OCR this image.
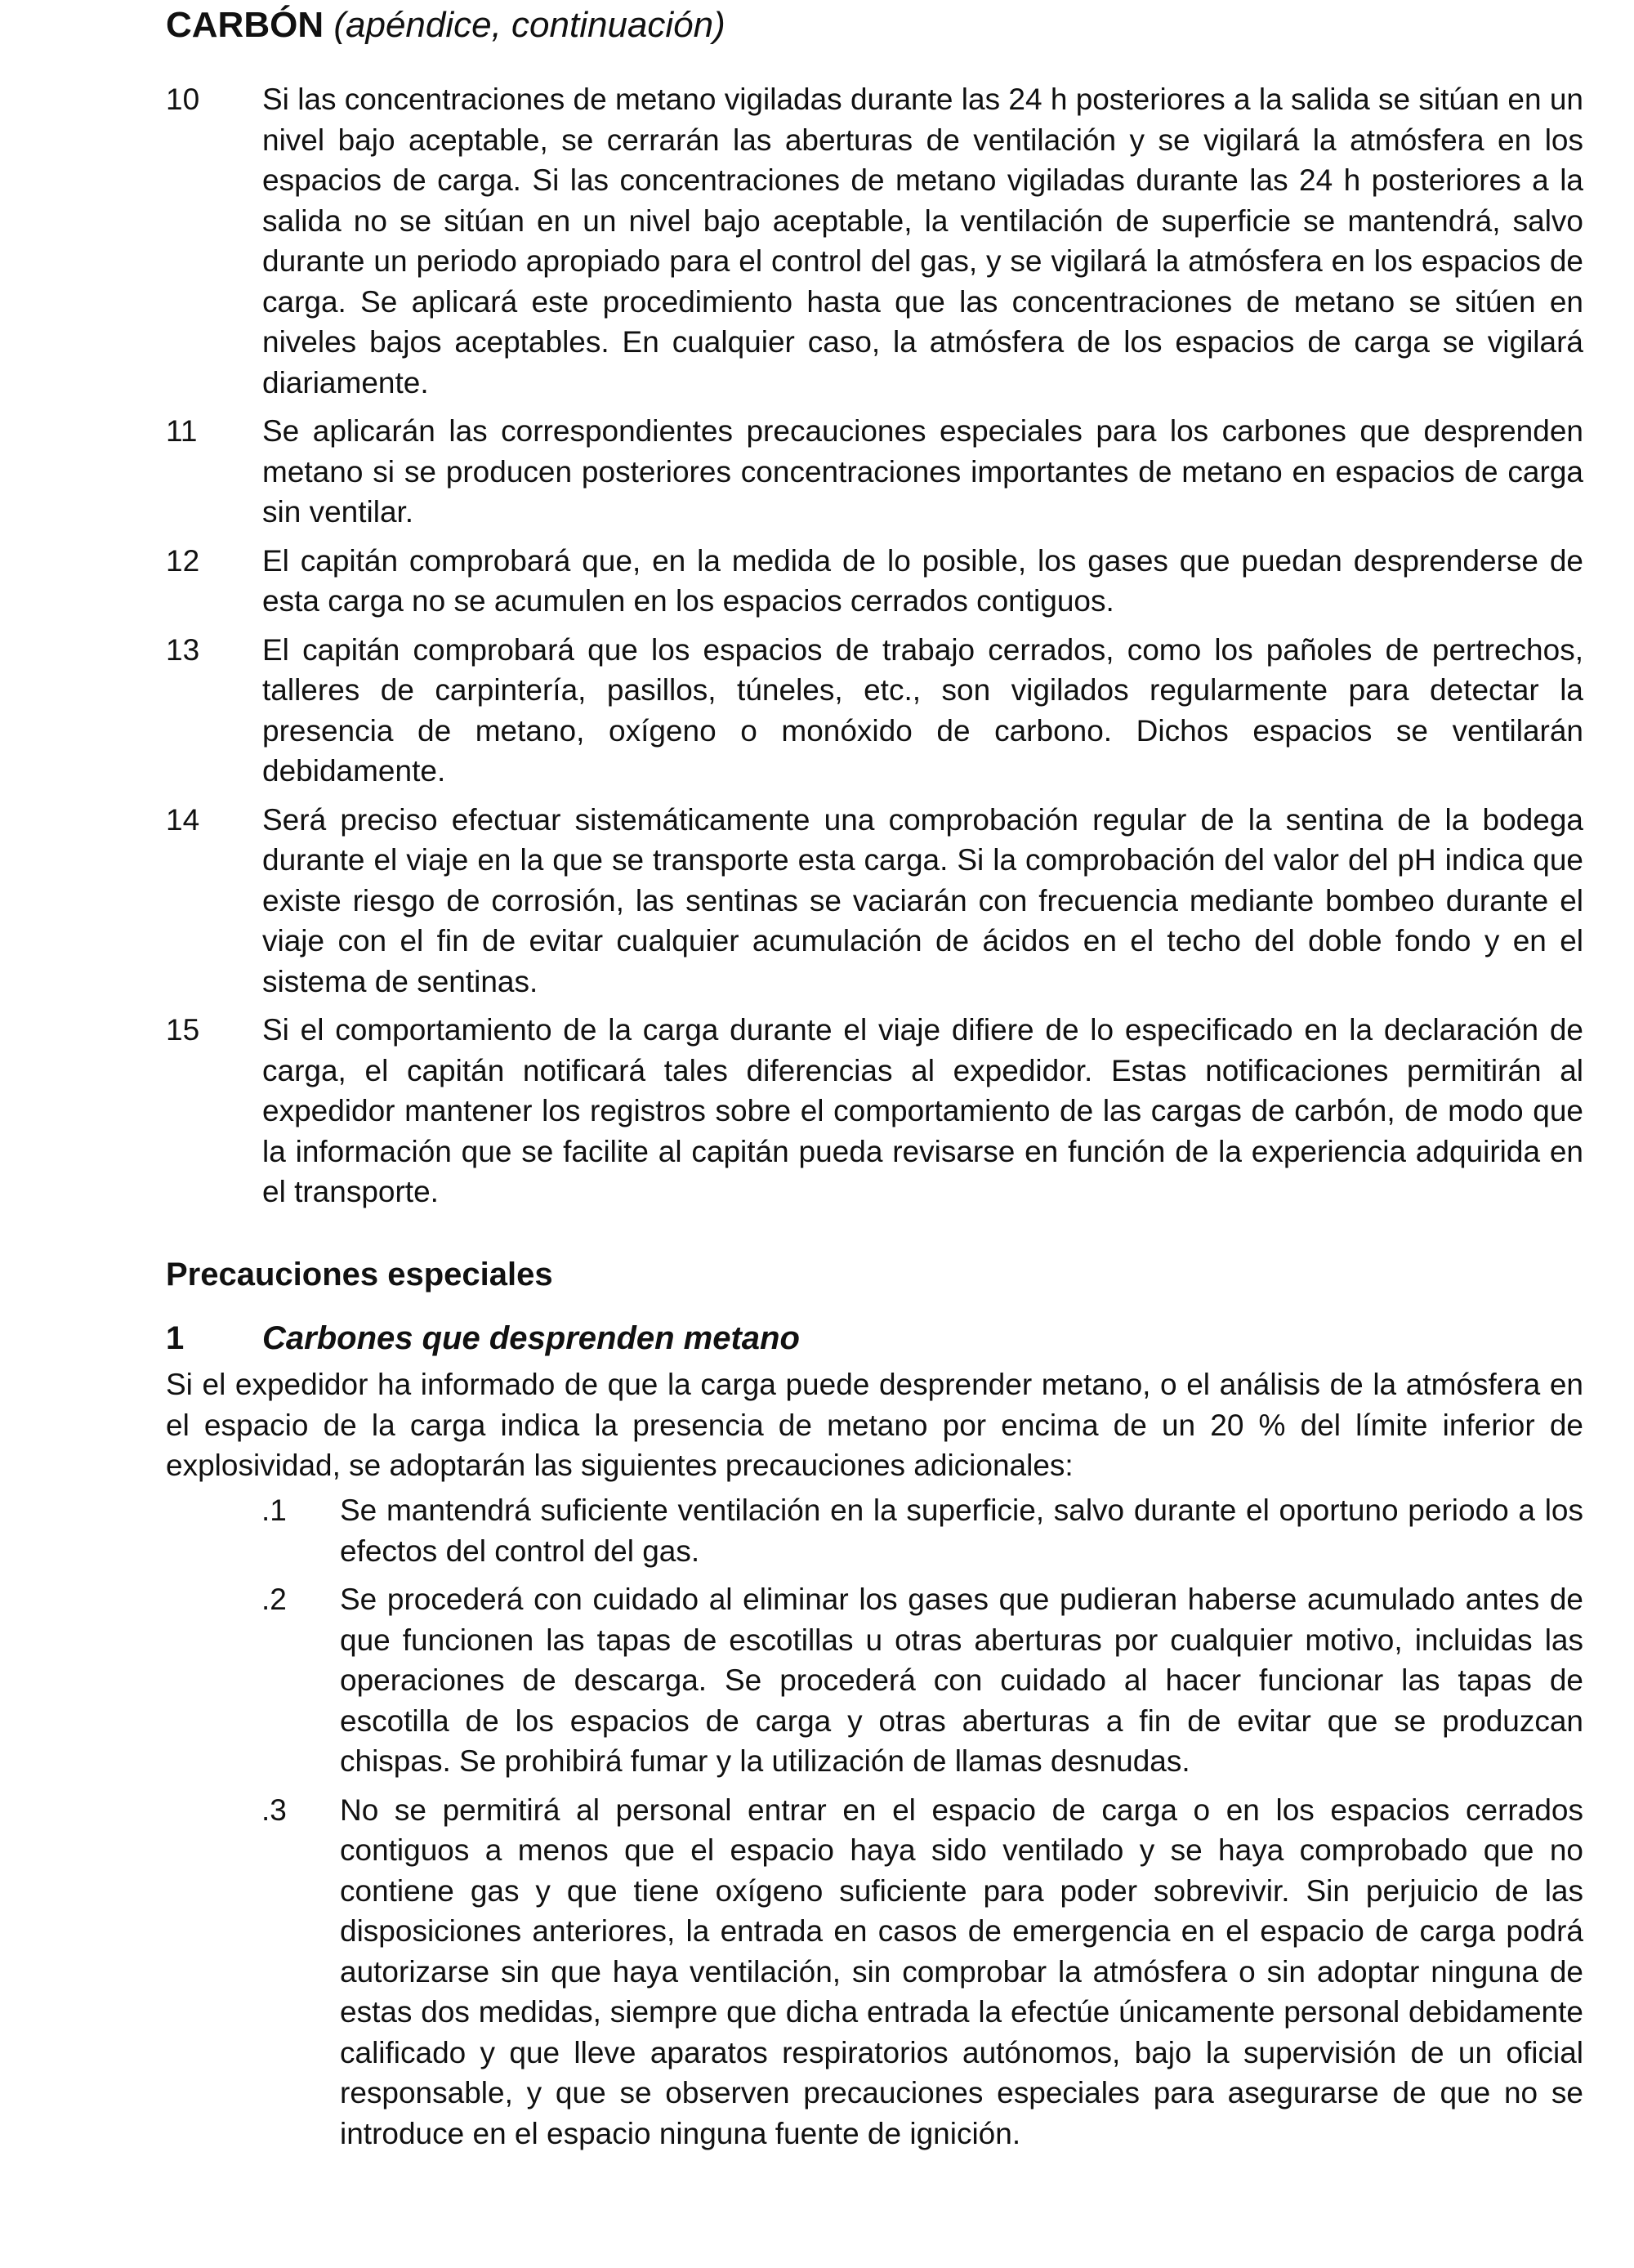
CARBÓN (apéndice, continuación)
10 Si las concentraciones de metano vigiladas durante las 24 h posteriores a la salida se sitúan en un nivel bajo aceptable, se cerrarán las aberturas de ventilación y se vigilará la atmósfera en los espacios de carga. Si las concentraciones de metano vigiladas durante las 24 h posteriores a la salida no se sitúan en un nivel bajo aceptable, la ventilación de superficie se mantendrá, salvo durante un periodo apropiado para el control del gas, y se vigilará la atmósfera en los espacios de carga. Se aplicará este procedimiento hasta que las concentraciones de metano se sitúen en niveles bajos aceptables. En cualquier caso, la atmósfera de los espacios de carga se vigilará diariamente.
11 Se aplicarán las correspondientes precauciones especiales para los carbones que desprenden metano si se producen posteriores concentraciones importantes de metano en espacios de carga sin ventilar.
12 El capitán comprobará que, en la medida de lo posible, los gases que puedan desprenderse de esta carga no se acumulen en los espacios cerrados contiguos.
13 El capitán comprobará que los espacios de trabajo cerrados, como los pañoles de pertrechos, talleres de carpintería, pasillos, túneles, etc., son vigilados regularmente para detectar la presencia de metano, oxígeno o monóxido de carbono. Dichos espacios se ventilarán debidamente.
14 Será preciso efectuar sistemáticamente una comprobación regular de la sentina de la bodega durante el viaje en la que se transporte esta carga. Si la comprobación del valor del pH indica que existe riesgo de corrosión, las sentinas se vaciarán con frecuencia mediante bombeo durante el viaje con el fin de evitar cualquier acumulación de ácidos en el techo del doble fondo y en el sistema de sentinas.
15 Si el comportamiento de la carga durante el viaje difiere de lo especificado en la declaración de carga, el capitán notificará tales diferencias al expedidor. Estas notificaciones permitirán al expedidor mantener los registros sobre el comportamiento de las cargas de carbón, de modo que la información que se facilite al capitán pueda revisarse en función de la experiencia adquirida en el transporte.
Precauciones especiales
1 Carbones que desprenden metano
Si el expedidor ha informado de que la carga puede desprender metano, o el análisis de la atmósfera en el espacio de la carga indica la presencia de metano por encima de un 20 % del límite inferior de explosividad, se adoptarán las siguientes precauciones adicionales:
.1 Se mantendrá suficiente ventilación en la superficie, salvo durante el oportuno periodo a los efectos del control del gas.
.2 Se procederá con cuidado al eliminar los gases que pudieran haberse acumulado antes de que funcionen las tapas de escotillas u otras aberturas por cualquier motivo, incluidas las operaciones de descarga. Se procederá con cuidado al hacer funcionar las tapas de escotilla de los espacios de carga y otras aberturas a fin de evitar que se produzcan chispas. Se prohibirá fumar y la utilización de llamas desnudas.
.3 No se permitirá al personal entrar en el espacio de carga o en los espacios cerrados contiguos a menos que el espacio haya sido ventilado y se haya comprobado que no contiene gas y que tiene oxígeno suficiente para poder sobrevivir. Sin perjuicio de las disposiciones anteriores, la entrada en casos de emergencia en el espacio de carga podrá autorizarse sin que haya ventilación, sin comprobar la atmósfera o sin adoptar ninguna de estas dos medidas, siempre que dicha entrada la efectúe únicamente personal debidamente calificado y que lleve aparatos respiratorios autónomos, bajo la supervisión de un oficial responsable, y que se observen precauciones especiales para asegurarse de que no se introduce en el espacio ninguna fuente de ignición.
